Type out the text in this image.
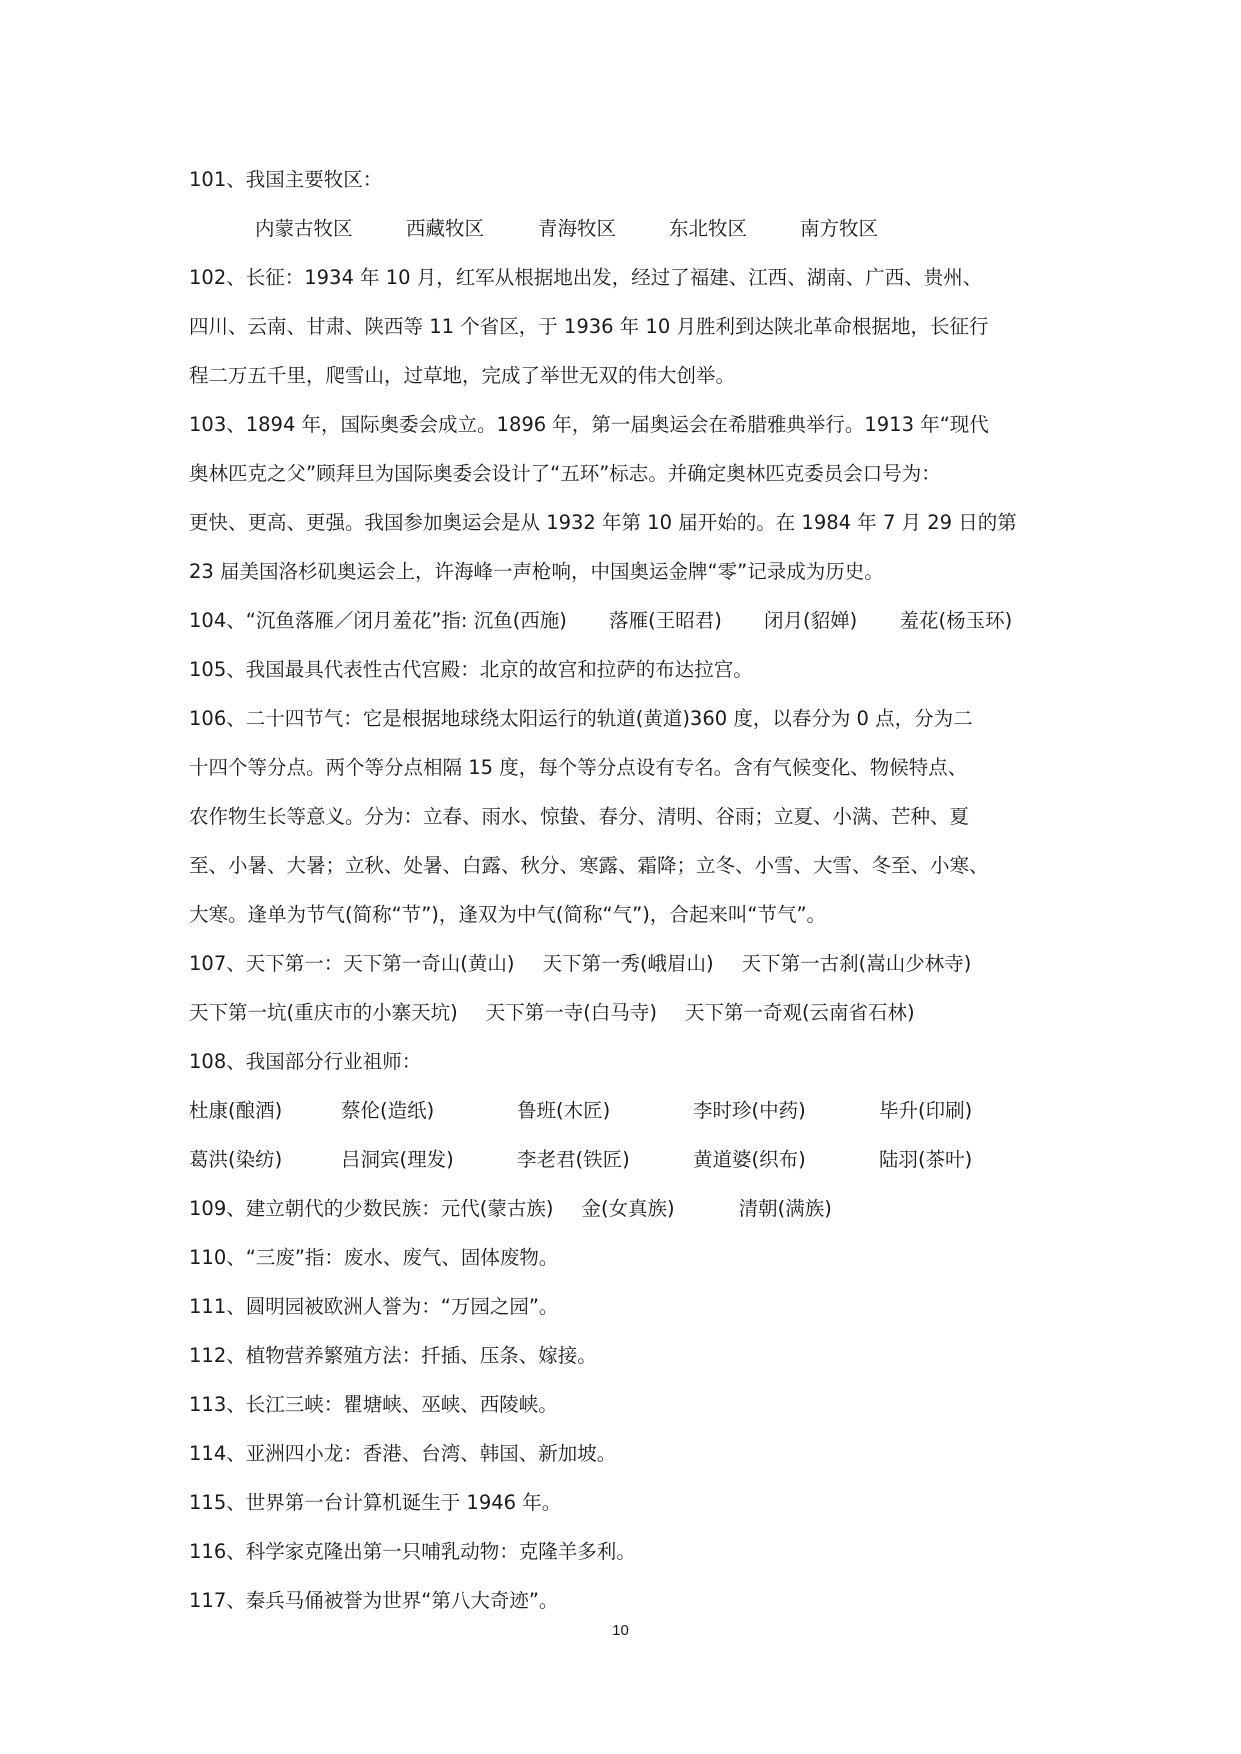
101、我国主要牧区：
内蒙古牧区	西藏牧区	青海牧区	东北牧区	南方牧区
102、长征：1934 年 10 月，红军从根据地出发，经过了福建、江西、湖南、广西、贵州、
四川、云南、甘肃、陕西等 11 个省区，于 1936 年 10 月胜利到达陕北革命根据地，长征行
程二万五千里，爬雪山，过草地，完成了举世无双的伟大创举。
103、1894 年，国际奥委会成立。1896 年，第一届奥运会在希腊雅典举行。1913 年“现代
奥林匹克之父”顾拜旦为国际奥委会设计了“五环”标志。并确定奥林匹克委员会口号为：
更快、更高、更强。我国参加奥运会是从 1932 年第 10 届开始的。在 1984 年 7 月 29 日的第
23 届美国洛杉矶奥运会上，许海峰一声枪响，中国奥运金牌“零”记录成为历史。
104、“沉鱼落雁／闭月羞花”指: 沉鱼(西施) 落雁(王昭君) 闭月(貂婵) 羞花(杨玉环)
105、我国最具代表性古代宫殿：北京的故宫和拉萨的布达拉宫。
106、二十四节气：它是根据地球绕太阳运行的轨道(黄道)360 度，以春分为 0 点，分为二
十四个等分点。两个等分点相隔 15 度，每个等分点设有专名。含有气候变化、物候特点、
农作物生长等意义。分为：立春、雨水、惊蛰、春分、清明、谷雨；立夏、小满、芒种、夏
至、小暑、大暑；立秋、处暑、白露、秋分、寒露、霜降；立冬、小雪、大雪、冬至、小寒、
大寒。逢单为节气(简称“节”)，逢双为中气(简称“气”)，合起来叫“节气”。
107、天下第一：天下第一奇山(黄山) 天下第一秀(峨眉山) 天下第一古刹(嵩山少林寺)
天下第一坑(重庆市的小寨天坑) 天下第一寺(白马寺) 天下第一奇观(云南省石林)
108、我国部分行业祖师：
杜康(酿酒)	蔡伦(造纸)	鲁班(木匠)	李时珍(中药)	毕升(印刷)
葛洪(染纺)	吕洞宾(理发)	李老君(铁匠)	黄道婆(织布)	陆羽(茶叶)
109、建立朝代的少数民族：元代(蒙古族) 金(女真族)	清朝(满族)
110、“三废”指：废水、废气、固体废物。
111、圆明园被欧洲人誉为：“万园之园”。
112、植物营养繁殖方法：扦插、压条、嫁接。
113、长江三峡：瞿塘峡、巫峡、西陵峡。
114、亚洲四小龙：香港、台湾、韩国、新加坡。
115、世界第一台计算机诞生于 1946 年。
116、科学家克隆出第一只哺乳动物：克隆羊多利。
117、秦兵马俑被誉为世界“第八大奇迹”。
10
